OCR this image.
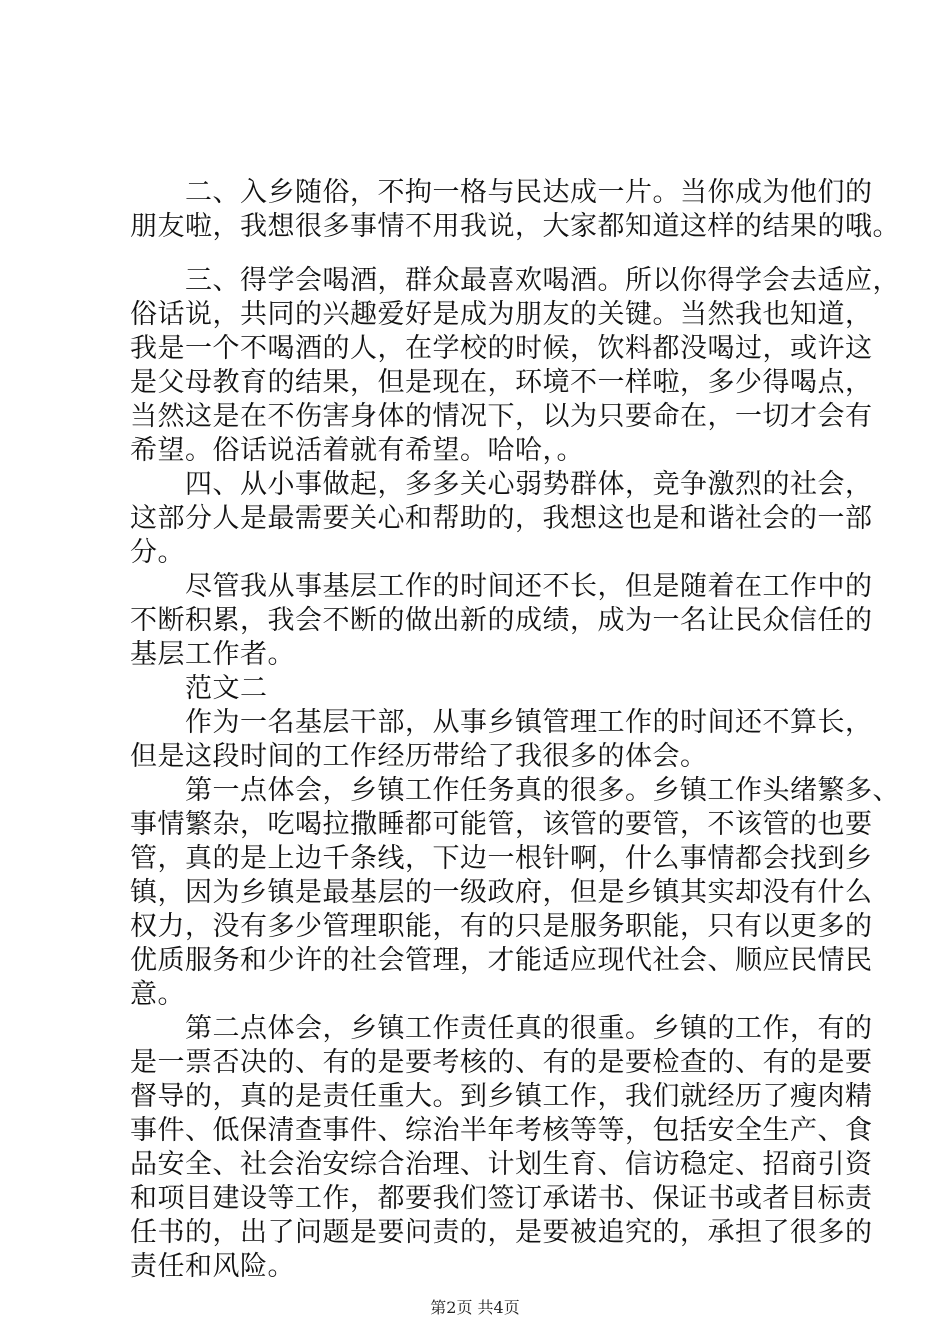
　　二、入乡随俗，不拘一格与民达成一片。当你成为他们的
朋友啦，我想很多事情不用我说，大家都知道这样的结果的哦。
　　三、得学会喝酒，群众最喜欢喝酒。所以你得学会去适应，
俗话说，共同的兴趣爱好是成为朋友的关键。当然我也知道，
我是一个不喝酒的人，在学校的时候，饮料都没喝过，或许这
是父母教育的结果，但是现在，环境不一样啦，多少得喝点，
当然这是在不伤害身体的情况下，以为只要命在，一切才会有
希望。俗话说活着就有希望。哈哈，。
　　四、从小事做起，多多关心弱势群体，竞争激烈的社会，
这部分人是最需要关心和帮助的，我想这也是和谐社会的一部
分。
　　尽管我从事基层工作的时间还不长，但是随着在工作中的
不断积累，我会不断的做出新的成绩，成为一名让民众信任的
基层工作者。
　　范文二
　　作为一名基层干部，从事乡镇管理工作的时间还不算长，
但是这段时间的工作经历带给了我很多的体会。
　　第一点体会，乡镇工作任务真的很多。乡镇工作头绪繁多、
事情繁杂，吃喝拉撒睡都可能管，该管的要管，不该管的也要
管，真的是上边千条线，下边一根针啊，什么事情都会找到乡
镇，因为乡镇是最基层的一级政府，但是乡镇其实却没有什么
权力，没有多少管理职能，有的只是服务职能，只有以更多的
优质服务和少许的社会管理，才能适应现代社会、顺应民情民
意。
　　第二点体会，乡镇工作责任真的很重。乡镇的工作，有的
是一票否决的、有的是要考核的、有的是要检查的、有的是要
督导的，真的是责任重大。到乡镇工作，我们就经历了瘦肉精
事件、低保清查事件、综治半年考核等等，包括安全生产、食
品安全、社会治安综合治理、计划生育、信访稳定、招商引资
和项目建设等工作，都要我们签订承诺书、保证书或者目标责
任书的，出了问题是要问责的，是要被追究的，承担了很多的
责任和风险。
第2页 共4页
